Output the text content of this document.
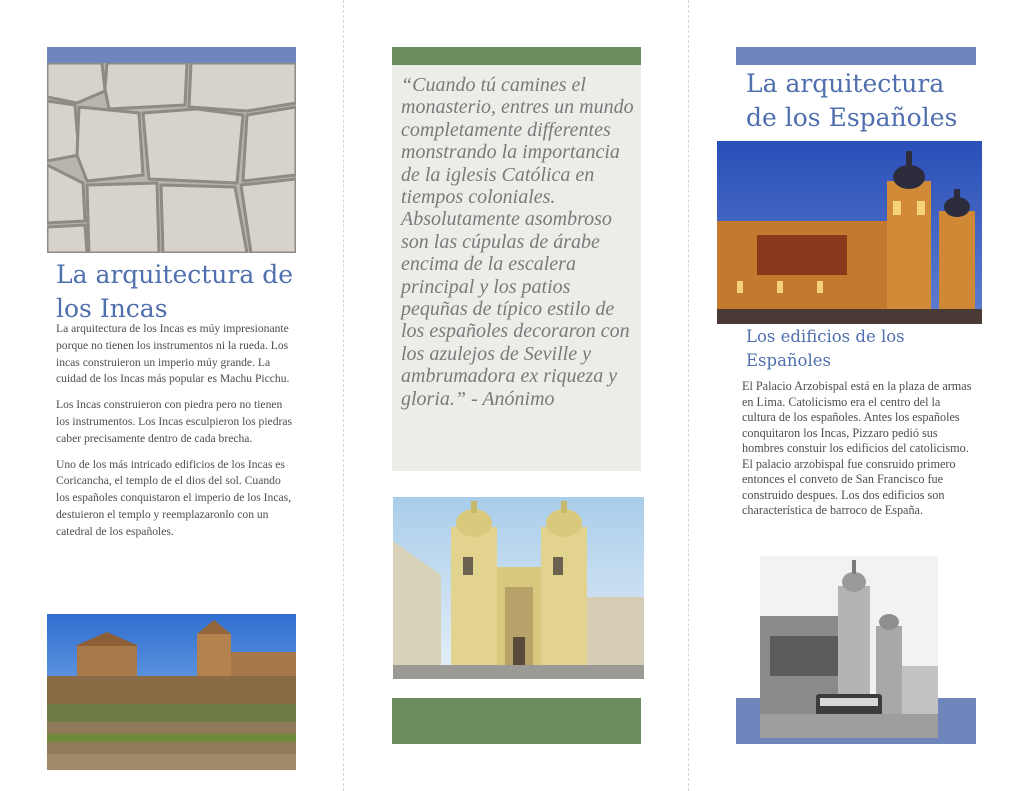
La arquitectura de los Incas

La arquitectura de los Incas es múy impresionante porque no tienen los instrumentos ni la rueda. Los incas construieron un imperio múy grande. La cuidad de los Incas más popular es Machu Picchu.

Los Incas construieron con piedra pero no tienen los instrumentos. Los Incas esculpieron los piedras caber precisamente dentro de cada brecha.

Uno de los más intricado edificios de los Incas es Coricancha, el templo de el dios del sol. Cuando los españoles conquistaron el imperio de los Incas, destuieron el templo y reemplazaronlo con un catedral de los españoles.

“Cuando tú camines el monasterio, entres un mundo completamente differentes monstrando la importancia de la iglesis Católica en tiempos coloniales. Absolutamente asombroso son las cúpulas de árabe encima de la escalera principal y los patios pequñas de típico estilo de los españoles decoraron con los azulejos de Seville y ambrumadora ex riqueza y gloria.” - Anónimo

La arquitectura de los Españoles
Los edificios de los Españoles

El Palacio Arzobispal está en la plaza de armas en Lima. Catolicismo era el centro del la cultura de los españoles. Antes los españoles conquitaron los Incas, Pizzaro pedió sus hombres constuir los edificios del catolicismo. El palacio arzobispal fue consruido primero entonces el conveto de San Francisco fue construido despues. Los dos edificios son characterística de barroco de España.
